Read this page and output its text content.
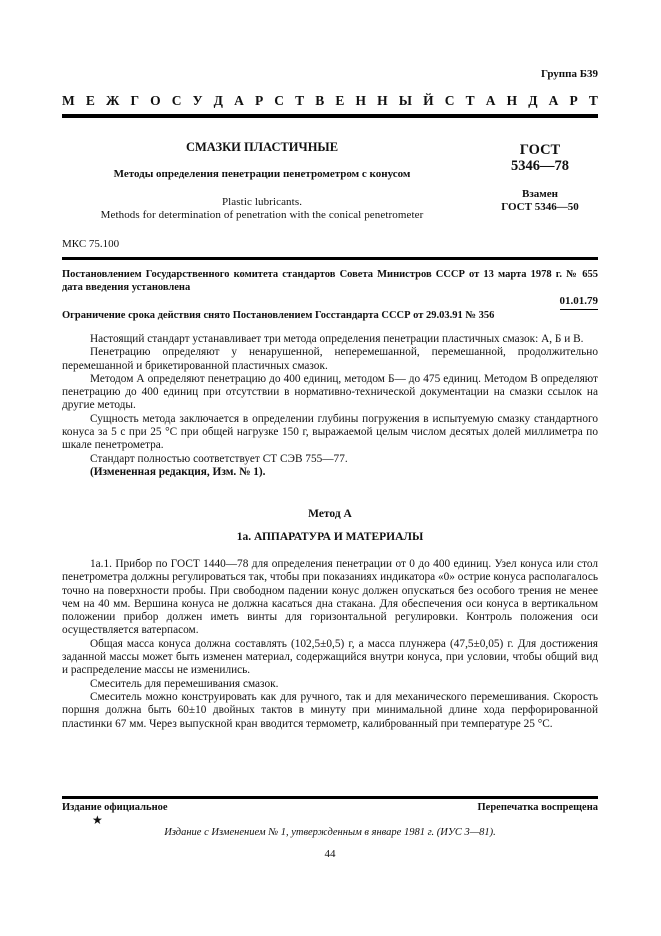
Группа Б39
М Е Ж Г О С У Д А Р С Т В Е Н Н Ы Й С Т А Н Д А Р Т
СМАЗКИ ПЛАСТИЧНЫЕ
Методы определения пенетрации пенетрометром с конусом
Plastic lubricants.
Methods for determination of penetration with the conical penetrometer
ГОСТ
5346—78
Взамен
ГОСТ 5346—50
МКС 75.100
Постановлением Государственного комитета стандартов Совета Министров СССР от 13 марта 1978 г. № 655 дата введения установлена
01.01.79
Ограничение срока действия снято Постановлением Госстандарта СССР от 29.03.91 № 356

Настоящий стандарт устанавливает три метода определения пенетрации пластичных смазок: А, Б и В.

Пенетрацию определяют у ненарушенной, неперемешанной, перемешанной, продолжительно перемешанной и брикетированной пластичных смазок.

Методом А определяют пенетрацию до 400 единиц, методом Б— до 475 единиц. Методом В определяют пенетрацию до 400 единиц при отсутствии в нормативно-технической документации на смазки ссылок на другие методы.

Сущность метода заключается в определении глубины погружения в испытуемую смазку стандартного конуса за 5 с при 25 °С при общей нагрузке 150 г, выражаемой целым числом десятых долей миллиметра по шкале пенетрометра.

Стандарт полностью соответствует СТ СЭВ 755—77.

(Измененная редакция, Изм. № 1).

Метод А
1а. АППАРАТУРА И МАТЕРИАЛЫ

1а.1. Прибор по ГОСТ 1440—78 для определения пенетрации от 0 до 400 единиц. Узел конуса или стол пенетрометра должны регулироваться так, чтобы при показаниях индикатора «0» острие конуса располагалось точно на поверхности пробы. При свободном падении конус должен опускаться без особого трения не менее чем на 40 мм. Вершина конуса не должна касаться дна стакана. Для обеспечения оси конуса в вертикальном положении прибор должен иметь винты для горизонтальной регулировки. Контроль положения оси осуществляется ватерпасом.

Общая масса конуса должна составлять (102,5±0,5) г, а масса плунжера (47,5±0,05) г. Для достижения заданной массы может быть изменен материал, содержащийся внутри конуса, при условии, чтобы общий вид и распределение массы не изменились.

Смеситель для перемешивания смазок.

Смеситель можно конструировать как для ручного, так и для механического перемешивания. Скорость поршня должна быть 60±10 двойных тактов в минуту при минимальной длине хода перфорированной пластинки 67 мм. Через выпускной кран вводится термометр, калиброванный при температуре 25 °С.

Издание официальное	Перепечатка воспрещена
★
Издание с Изменением № 1, утвержденным в январе 1981 г. (ИУС 3—81).
44
